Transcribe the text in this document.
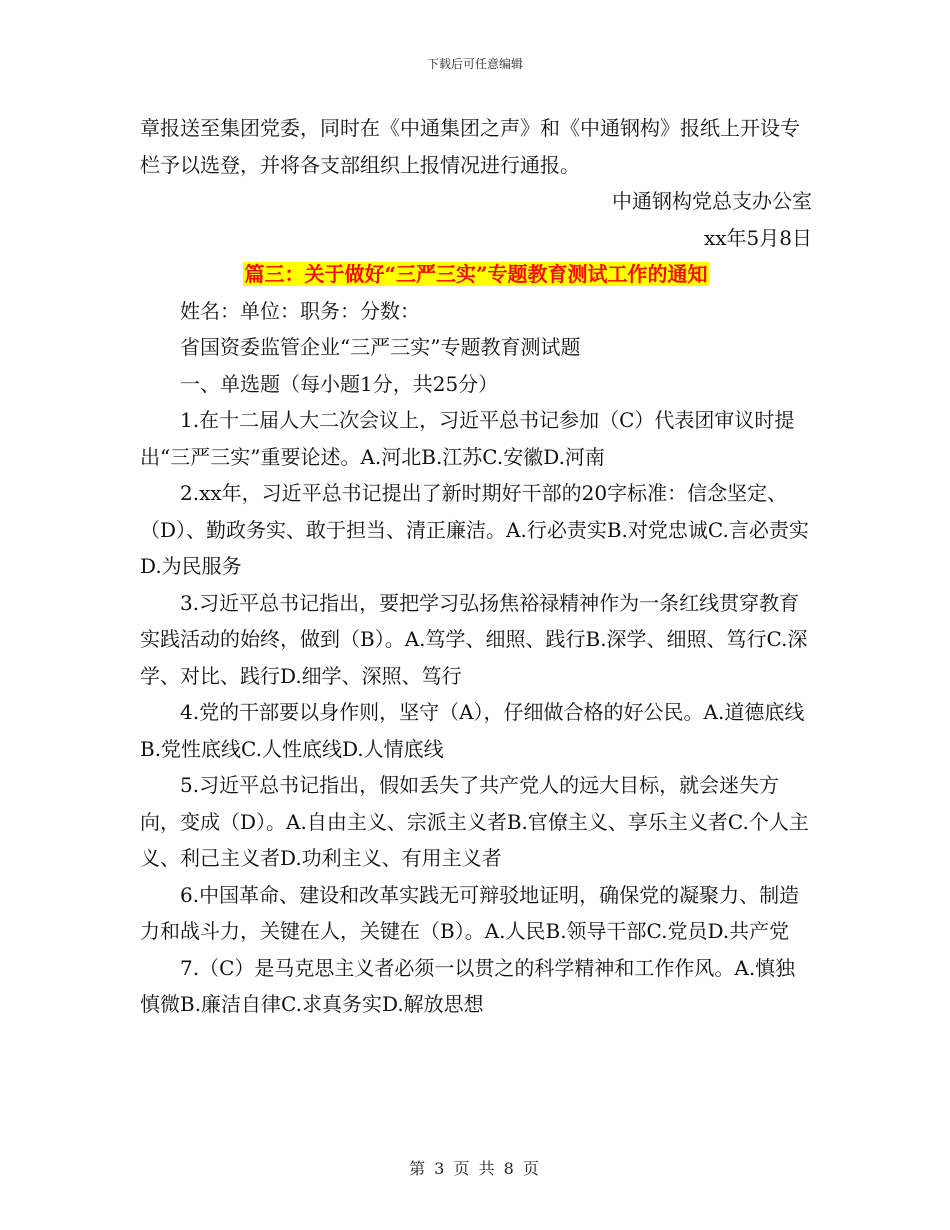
下载后可任意编辑

章报送至集团党委，同时在《中通集团之声》和《中通钢构》报纸上开设专栏予以选登，并将各支部组织上报情况进行通报。

中通钢构党总支办公室

xx年5月8日

篇三：关于做好“三严三实”专题教育测试工作的通知

姓名：单位：职务：分数：

省国资委监管企业“三严三实”专题教育测试题

一、单选题（每小题1分，共25分）

1.在十二届人大二次会议上，习近平总书记参加（C）代表团审议时提出“三严三实”重要论述。A.河北B.江苏C.安徽D.河南

2.xx年，习近平总书记提出了新时期好干部的20字标准：信念坚定、（D）、勤政务实、敢于担当、清正廉洁。A.行必责实B.对党忠诚C.言必责实D.为民服务

3.习近平总书记指出，要把学习弘扬焦裕禄精神作为一条红线贯穿教育实践活动的始终，做到（B）。A.笃学、细照、践行B.深学、细照、笃行C.深学、对比、践行D.细学、深照、笃行

4.党的干部要以身作则，坚守（A），仔细做合格的好公民。A.道德底线B.党性底线C.人性底线D.人情底线

5.习近平总书记指出，假如丢失了共产党人的远大目标，就会迷失方向，变成（D）。A.自由主义、宗派主义者B.官僚主义、享乐主义者C.个人主义、利己主义者D.功利主义、有用主义者

6.中国革命、建设和改革实践无可辩驳地证明，确保党的凝聚力、制造力和战斗力，关键在人，关键在（B）。A.人民B.领导干部C.党员D.共产党

7.（C）是马克思主义者必须一以贯之的科学精神和工作作风。A.慎独慎微B.廉洁自律C.求真务实D.解放思想

第 3 页 共 8 页
